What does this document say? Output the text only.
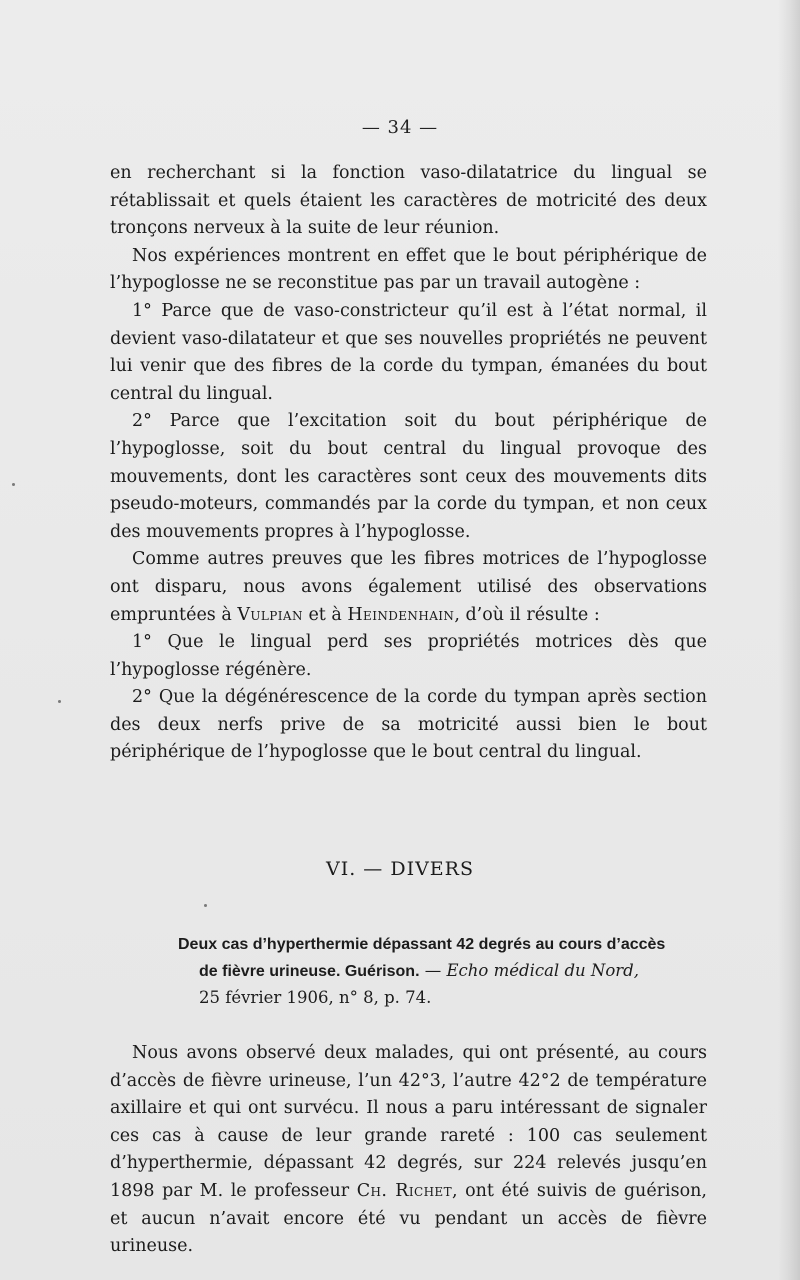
— 34 —

en recherchant si la fonction vaso-dilatatrice du lingual se rétablissait et quels étaient les caractères de motricité des deux tronçons nerveux à la suite de leur réunion.

Nos expériences montrent en effet que le bout périphérique de l’hypoglosse ne se reconstitue pas par un travail autogène :

1° Parce que de vaso-constricteur qu’il est à l’état normal, il devient vaso-dilatateur et que ses nouvelles propriétés ne peuvent lui venir que des fibres de la corde du tympan, émanées du bout central du lingual.

2° Parce que l’excitation soit du bout périphérique de l’hypoglosse, soit du bout central du lingual provoque des mouvements, dont les caractères sont ceux des mouvements dits pseudo-moteurs, commandés par la corde du tympan, et non ceux des mouvements propres à l’hypoglosse.

Comme autres preuves que les fibres motrices de l’hypoglosse ont disparu, nous avons également utilisé des observations empruntées à Vulpian et à Heindenhain, d’où il résulte :

1° Que le lingual perd ses propriétés motrices dès que l’hypoglosse régénère.

2° Que la dégénérescence de la corde du tympan après section des deux nerfs prive de sa motricité aussi bien le bout périphérique de l’hypoglosse que le bout central du lingual.

VI. — DIVERS
Deux cas d’hyperthermie dépassant 42 degrés au cours d’accès
de fièvre urineuse. Guérison. — Echo médical du Nord,
25 février 1906, n° 8, p. 74.

Nous avons observé deux malades, qui ont présenté, au cours d’accès de fièvre urineuse, l’un 42°3, l’autre 42°2 de température axillaire et qui ont survécu. Il nous a paru intéressant de signaler ces cas à cause de leur grande rareté : 100 cas seulement d’hyperthermie, dépassant 42 degrés, sur 224 relevés jusqu’en 1898 par M. le professeur Ch. Richet, ont été suivis de guérison, et aucun n’avait encore été vu pendant un accès de fièvre urineuse.
